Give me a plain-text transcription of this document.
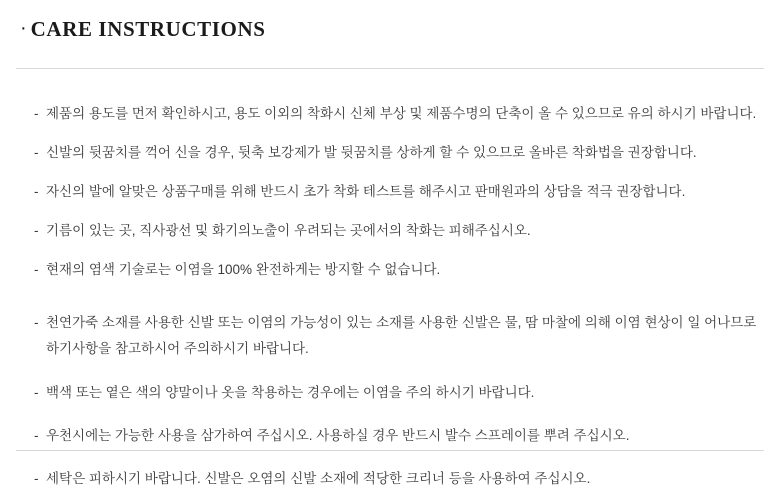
· CARE INSTRUCTIONS
- 제품의 용도를 먼저 확인하시고, 용도 이외의 착화시 신체 부상 및 제품수명의 단축이 올 수 있으므로 유의 하시기 바랍니다.
- 신발의 뒷꿈치를 꺽어 신을 경우, 뒷축 보강제가 발 뒷꿈치를 상하게 할 수 있으므로 올바른 착화법을 권장합니다.
- 자신의 발에 알맞은 상품구매를 위해 반드시 초가 착화 테스트를 해주시고 판매원과의 상담을 적극 권장합니다.
- 기름이 있는 곳, 직사광선 및 화기의노출이 우려되는 곳에서의 착화는 피해주십시오.
- 현재의 염색 기술로는 이염을 100% 완전하게는 방지할 수 없습니다.
- 천연가죽 소재를 사용한 신발 또는 이염의 가능성이 있는 소재를 사용한 신발은 물, 땀 마찰에 의해 이염 현상이 일 어나므로 하기사항을 참고하시어 주의하시기 바랍니다.
- 백색 또는 옅은 색의 양말이나 옷을 착용하는 경우에는 이염을 주의 하시기 바랍니다.
- 우천시에는 가능한 사용을 삼가하여 주십시오. 사용하실 경우 반드시 발수 스프레이를 뿌려 주십시오.
- 세탁은 피하시기 바랍니다. 신발은 오염의 신발 소재에 적당한 크리너 등을 사용하여 주십시오.
